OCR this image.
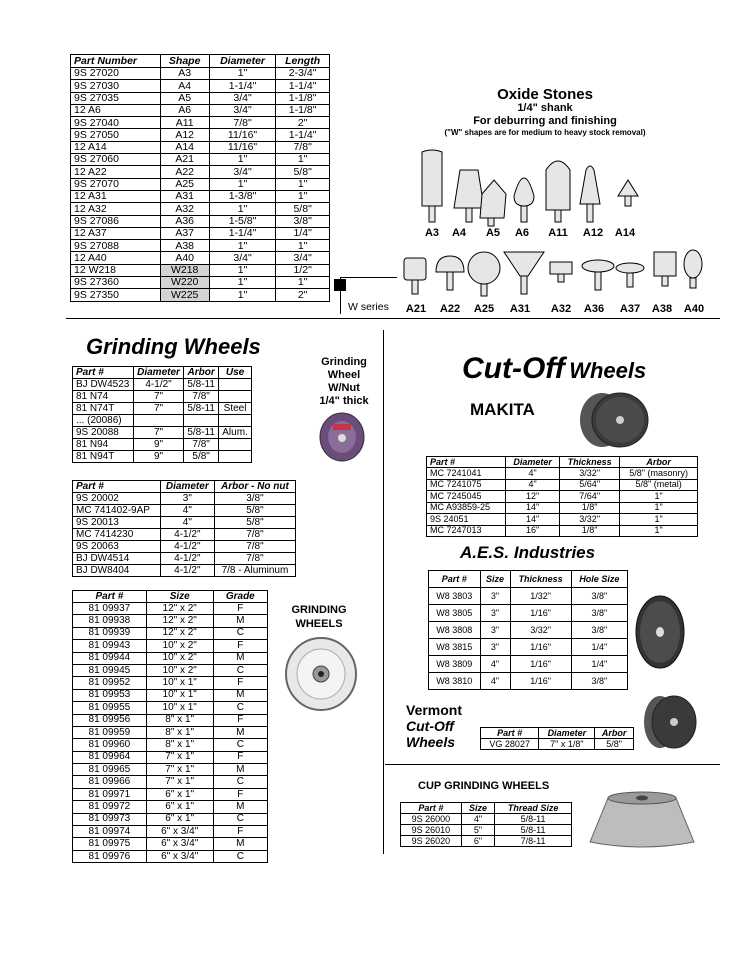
Part Number	Shape	Diameter	Length
9S 27020	A3	1"	2-3/4"
9S 27030	A4	1-1/4"	1-1/4"
9S 27035	A5	3/4"	1-1/8"
12 A6	A6	3/4"	1-1/8"
9S 27040	A11	7/8"	2"
9S 27050	A12	11/16"	1-1/4"
12 A14	A14	11/16"	7/8"
9S 27060	A21	1"	1"
12 A22	A22	3/4"	5/8"
9S 27070	A25	1"	1"
12 A31	A31	1-3/8"	1"
12 A32	A32	1"	5/8"
9S 27086	A36	1-5/8"	3/8"
12 A37	A37	1-1/4"	1/4"
9S 27088	A38	1"	1"
12 A40	A40	3/4"	3/4"
12 W218	W218	1"	1/2"
9S 27360	W220	1"	1"
9S 27350	W225	1"	2"
W series
Oxide Stones
1/4" shank
For deburring and finishing
("W" shapes are for medium to heavy stock removal)
A3	A4	A5	A6	A11	A12	A14
A21	A22	A25	A31	A32	A36	A37	A38	A40
Grinding Wheels
Part #	Diameter	Arbor	Use
BJ DW4523	4-1/2"	5/8-11	
81 N74	7"	7/8"	
81 N74T	7"	5/8-11	Steel
... (20086)			
9S 20088	7"	5/8-11	Alum.
81 N94	9"	7/8"	
81 N94T	9"	5/8"	
Grinding
Wheel
W/Nut
1/4" thick
Part #	Diameter	Arbor - No nut
9S 20002	3"	3/8"
MC 741402-9AP	4"	5/8"
9S 20013	4"	5/8"
MC 7414230	4-1/2"	7/8"
9S 20063	4-1/2"	7/8"
BJ DW4514	4-1/2"	7/8"
BJ DW8404	4-1/2"	7/8 - Aluminum
Part #	Size	Grade
81 09937	12" x 2"	F
81 09938	12" x 2"	M
81 09939	12" x 2"	C
81 09943	10" x 2"	F
81 09944	10" x 2"	M
81 09945	10" x 2"	C
81 09952	10" x 1"	F
81 09953	10" x 1"	M
81 09955	10" x 1"	C
81 09956	8" x 1"	F
81 09959	8" x 1"	M
81 09960	8" x 1"	C
81 09964	7" x 1"	F
81 09965	7" x 1"	M
81 09966	7" x 1"	C
81 09971	6" x 1"	F
81 09972	6" x 1"	M
81 09973	6" x 1"	C
81 09974	6" x 3/4"	F
81 09975	6" x 3/4"	M
81 09976	6" x 3/4"	C
GRINDING
WHEELS
Cut-Off Wheels
MAKITA
Part #	Diameter	Thickness	Arbor
MC 7241041	4"	3/32"	5/8" (masonry)
MC 7241075	4"	5/64"	5/8" (metal)
MC 7245045	12"	7/64"	1"
MC A93859-25	14"	1/8"	1"
9S 24051	14"	3/32"	1"
MC 7247013	16"	1/8"	1"
A.E.S. Industries
Part #	Size	Thickness	Hole Size
W8 3803	3"	1/32"	3/8"
W8 3805	3"	1/16"	3/8"
W8 3808	3"	3/32"	3/8"
W8 3815	3"	1/16"	1/4"
W8 3809	4"	1/16"	1/4"
W8 3810	4"	1/16"	3/8"
Vermont
Cut-Off
Wheels
Part #	Diameter	Arbor
VG 28027	7" x 1/8"	5/8"
CUP GRINDING WHEELS
Part #	Size	Thread Size
9S 26000	4"	5/8-11
9S 26010	5"	5/8-11
9S 26020	6"	7/8-11
